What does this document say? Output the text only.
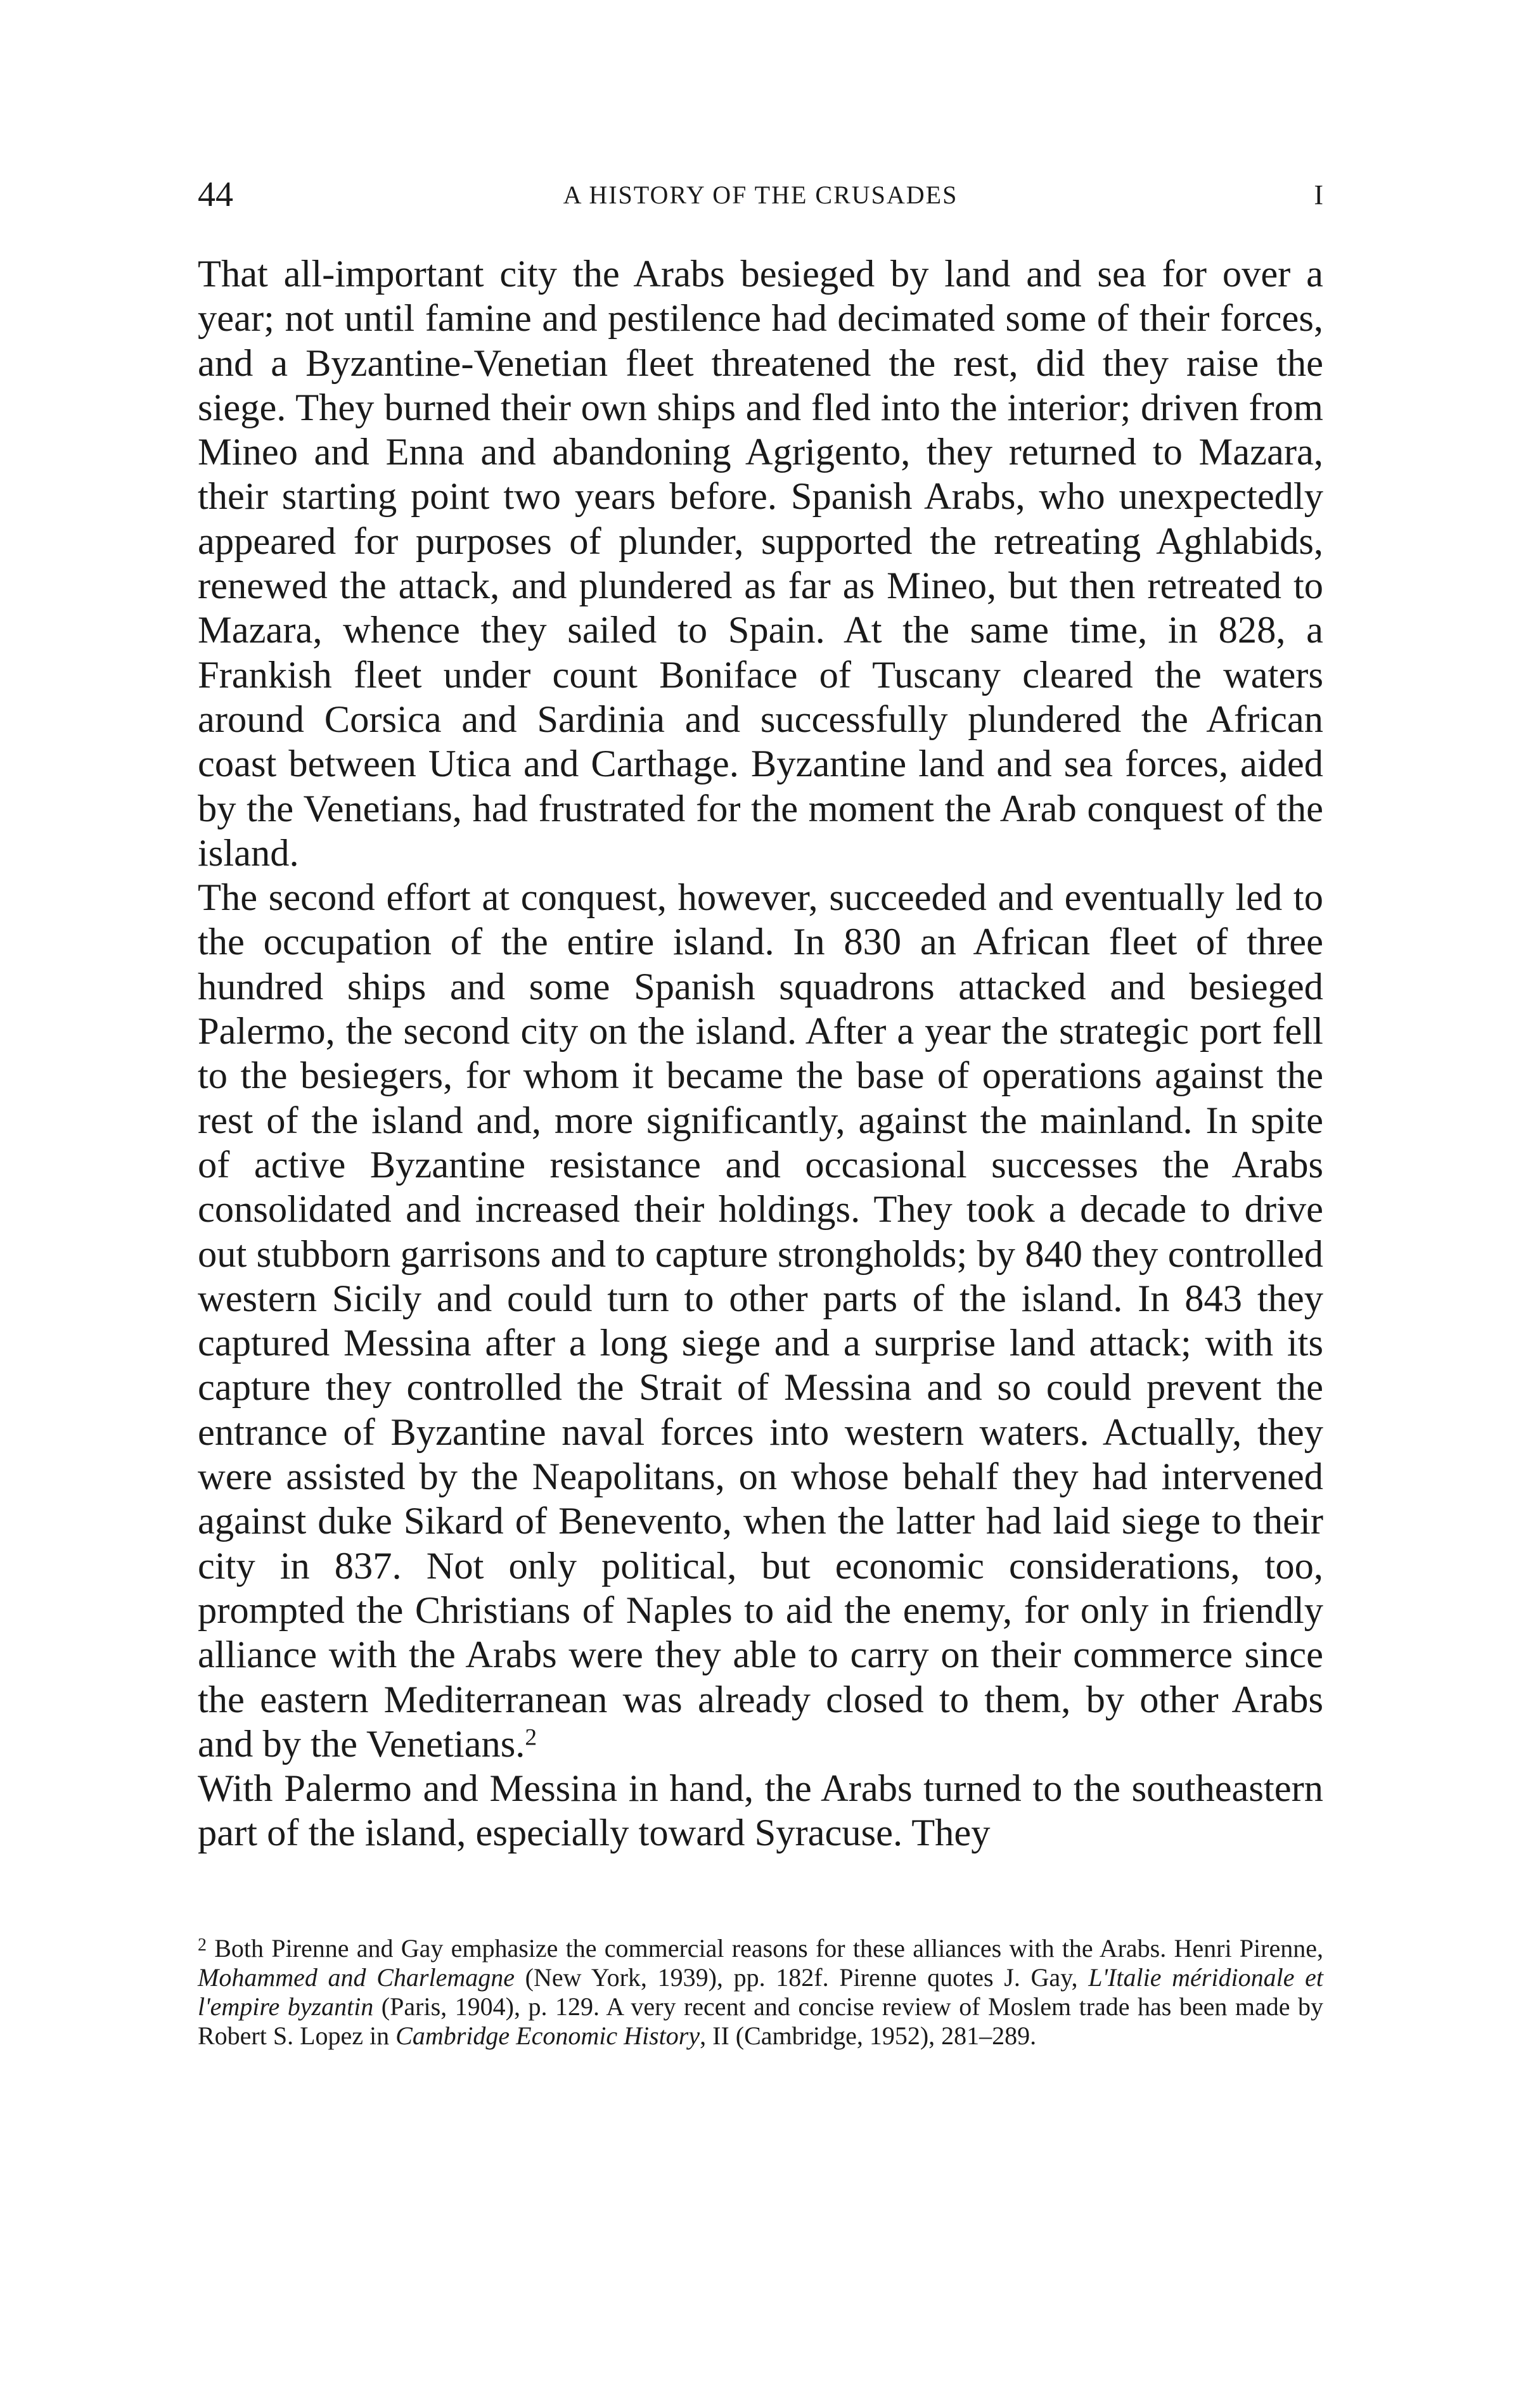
44	A HISTORY OF THE CRUSADES	I

That all-important city the Arabs besieged by land and sea for over a year; not until famine and pestilence had decimated some of their forces, and a Byzantine-Venetian fleet threatened the rest, did they raise the siege. They burned their own ships and fled into the interior; driven from Mineo and Enna and abandoning Agrigento, they returned to Mazara, their starting point two years before. Spanish Arabs, who unexpectedly appeared for purposes of plunder, supported the retreating Aghlabids, renewed the attack, and plundered as far as Mineo, but then retreated to Mazara, whence they sailed to Spain. At the same time, in 828, a Frankish fleet under count Boniface of Tuscany cleared the waters around Corsica and Sardinia and successfully plundered the African coast between Utica and Carthage. Byzantine land and sea forces, aided by the Venetians, had frustrated for the moment the Arab conquest of the island.

The second effort at conquest, however, succeeded and eventually led to the occupation of the entire island. In 830 an African fleet of three hundred ships and some Spanish squadrons attacked and besieged Palermo, the second city on the island. After a year the strategic port fell to the besiegers, for whom it became the base of operations against the rest of the island and, more significantly, against the mainland. In spite of active Byzantine resistance and occasional successes the Arabs consolidated and increased their holdings. They took a decade to drive out stubborn garrisons and to capture strongholds; by 840 they controlled western Sicily and could turn to other parts of the island. In 843 they captured Messina after a long siege and a surprise land attack; with its capture they controlled the Strait of Messina and so could prevent the entrance of Byzantine naval forces into western waters. Actually, they were assisted by the Neapolitans, on whose behalf they had intervened against duke Sikard of Benevento, when the latter had laid siege to their city in 837. Not only political, but economic considerations, too, prompted the Christians of Naples to aid the enemy, for only in friendly alliance with the Arabs were they able to carry on their commerce since the eastern Mediterranean was already closed to them, by other Arabs and by the Venetians.$^2$

With Palermo and Messina in hand, the Arabs turned to the southeastern part of the island, especially toward Syracuse. They

$^2$ Both Pirenne and Gay emphasize the commercial reasons for these alliances with the Arabs. Henri Pirenne, Mohammed and Charlemagne (New York, 1939), pp. 182f. Pirenne quotes J. Gay, L'Italie méridionale et l'empire byzantin (Paris, 1904), p. 129. A very recent and concise review of Moslem trade has been made by Robert S. Lopez in Cambridge Economic History, II (Cambridge, 1952), 281–289.
